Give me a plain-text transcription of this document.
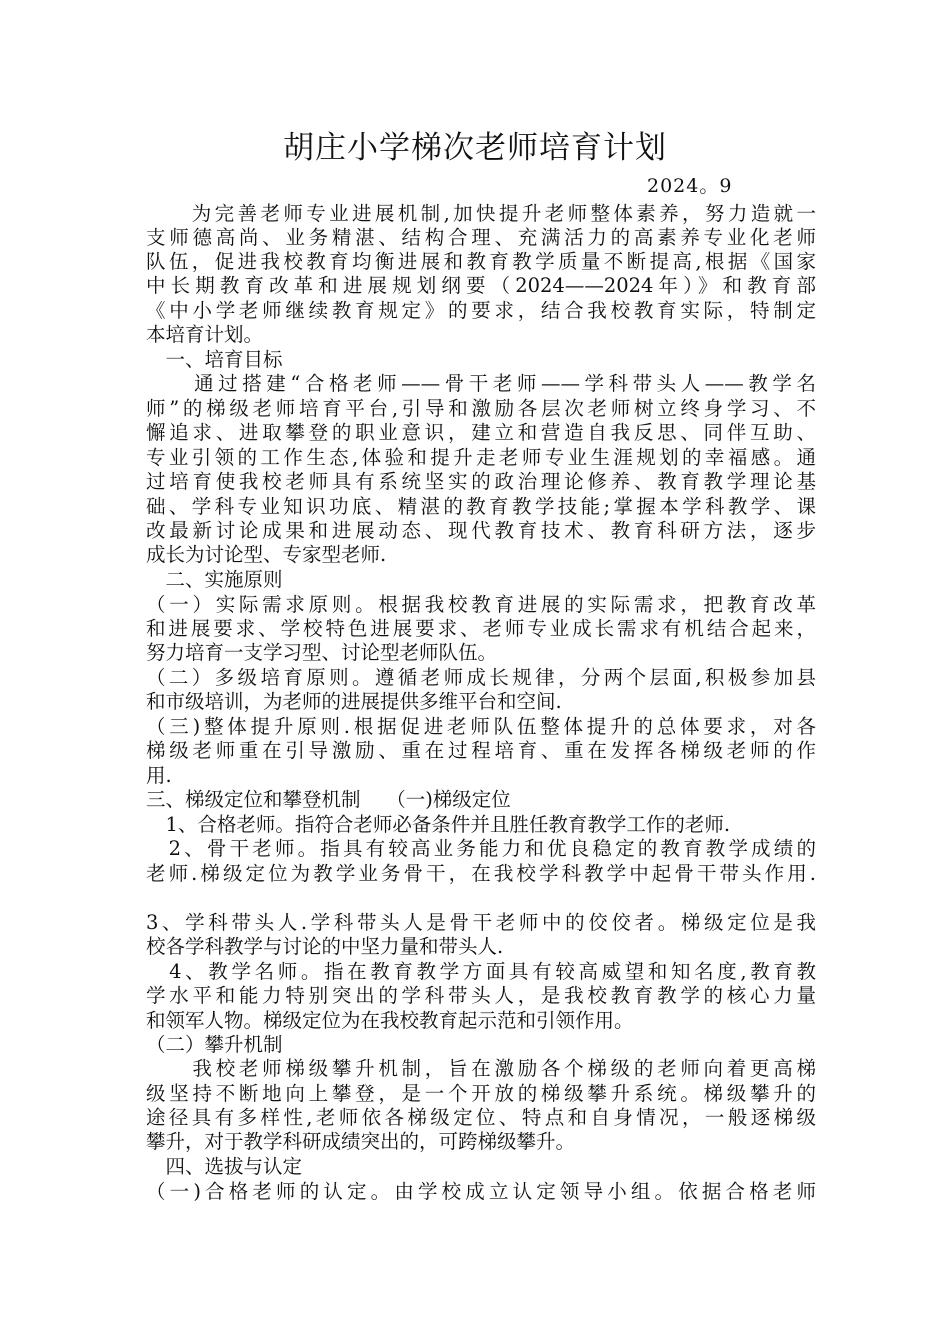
胡庄小学梯次老师培育计划
2024。9
　　为完善老师专业进展机制,加快提升老师整体素养，努力造就一
支师德高尚、业务精湛、结构合理、充满活力的高素养专业化老师
队伍，促进我校教育均衡进展和教育教学质量不断提高,根据《国家
中长期教育改革和进展规划纲要（2024——2024年）》和教育部
《中小学老师继续教育规定》的要求，结合我校教育实际，特制定
本培育计划。
　一、培育目标
　　通过搭建“合格老师——骨干老师——学科带头人——教学名
师”的梯级老师培育平台,引导和激励各层次老师树立终身学习、不
懈追求、进取攀登的职业意识，建立和营造自我反思、同伴互助、
专业引领的工作生态,体验和提升走老师专业生涯规划的幸福感。通
过培育使我校老师具有系统坚实的政治理论修养、教育教学理论基
础、学科专业知识功底、精湛的教育教学技能;掌握本学科教学、课
改最新讨论成果和进展动态、现代教育技术、教育科研方法，逐步
成长为讨论型、专家型老师.
　二、实施原则
（一）实际需求原则。根据我校教育进展的实际需求，把教育改革
和进展要求、学校特色进展要求、老师专业成长需求有机结合起来，
努力培育一支学习型、讨论型老师队伍。
（二）多级培育原则。遵循老师成长规律，分两个层面,积极参加县
和市级培训，为老师的进展提供多维平台和空间.
（三)整体提升原则.根据促进老师队伍整体提升的总体要求，对各
梯级老师重在引导激励、重在过程培育、重在发挥各梯级老师的作
用.
三、梯级定位和攀登机制　 （一)梯级定位
　1、合格老师。指符合老师必备条件并且胜任教育教学工作的老师.
　2、骨干老师。指具有较高业务能力和优良稳定的教育教学成绩的
老师.梯级定位为教学业务骨干，在我校学科教学中起骨干带头作用.
3、学科带头人.学科带头人是骨干老师中的佼佼者。梯级定位是我
校各学科教学与讨论的中坚力量和带头人.
　4、教学名师。指在教育教学方面具有较高威望和知名度,教育教
学水平和能力特别突出的学科带头人，是我校教育教学的核心力量
和领军人物。梯级定位为在我校教育起示范和引领作用。
（二）攀升机制
　　我校老师梯级攀升机制，旨在激励各个梯级的老师向着更高梯
级坚持不断地向上攀登，是一个开放的梯级攀升系统。梯级攀升的
途径具有多样性,老师依各梯级定位、特点和自身情况，一般逐梯级
攀升，对于教学科研成绩突出的，可跨梯级攀升。
　四、选拔与认定
（一)合格老师的认定。由学校成立认定领导小组。依据合格老师
